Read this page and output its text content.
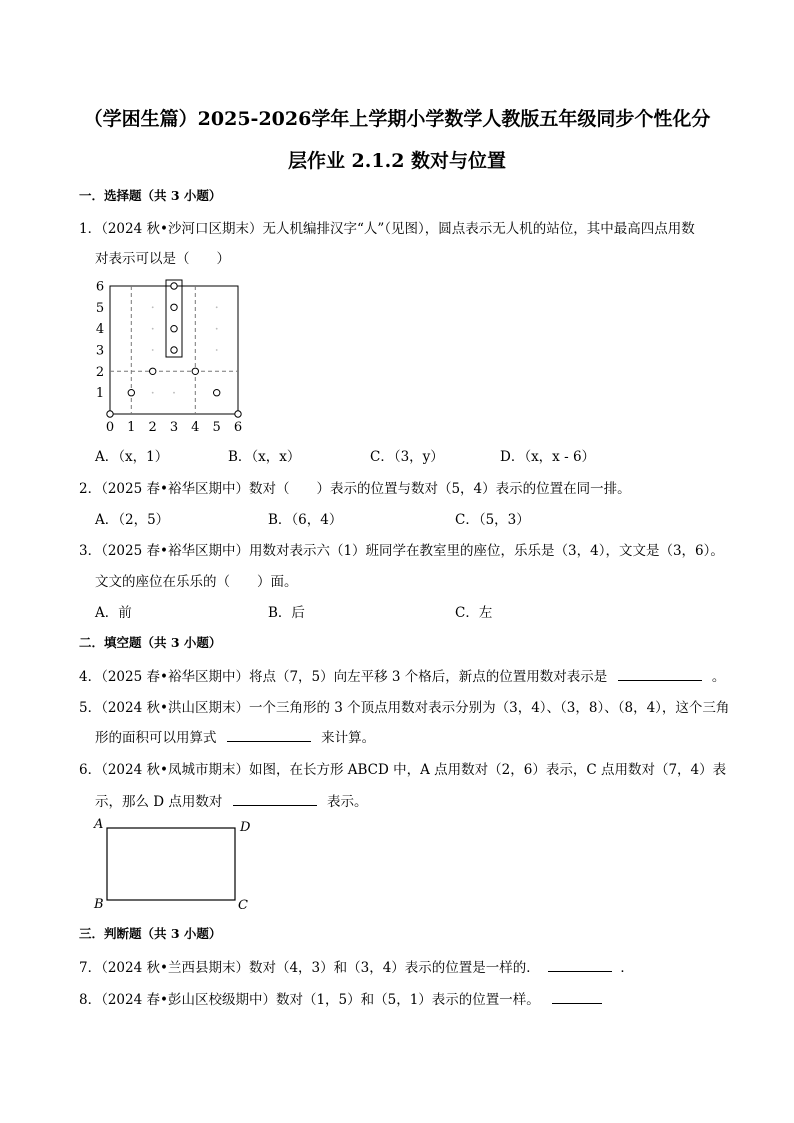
（学困生篇）2025-2026学年上学期小学数学人教版五年级同步个性化分
层作业 2.1.2 数对与位置
一．选择题（共 3 小题）
1．（2024 秋•沙河口区期末）无人机编排汉字“人”（见图），圆点表示无人机的站位，其中最高四点用数
对表示可以是（　　）
6
5
4
3
2
1
0 1 2 3 4 5 6
A．（x，1）	B．（x，x）	C．（3，y）	D．（x，x - 6）
2．（2025 春•裕华区期中）数对（　　）表示的位置与数对（5，4）表示的位置在同一排。
A．（2，5）	B．（6，4）	C．（5，3）
3．（2025 春•裕华区期中）用数对表示六（1）班同学在教室里的座位，乐乐是（3，4），文文是（3，6）。
文文的座位在乐乐的（　　）面。
A．前	B．后	C．左
二．填空题（共 3 小题）
4．（2025 春•裕华区期中）将点（7，5）向左平移 3 个格后，新点的位置用数对表示是	。
5．（2024 秋•洪山区期末）一个三角形的 3 个顶点用数对表示分别为（3，4）、（3，8）、（8，4），这个三角
形的面积可以用算式	来计算。
6．（2024 秋•凤城市期末）如图，在长方形 ABCD 中，A 点用数对（2，6）表示，C 点用数对（7，4）表
示，那么 D 点用数对	表示。
A	D
B	C
三．判断题（共 3 小题）
7．（2024 秋•兰西县期末）数对（4，3）和（3，4）表示的位置是一样的．	．
8．（2024 春•彭山区校级期中）数对（1，5）和（5，1）表示的位置一样。
